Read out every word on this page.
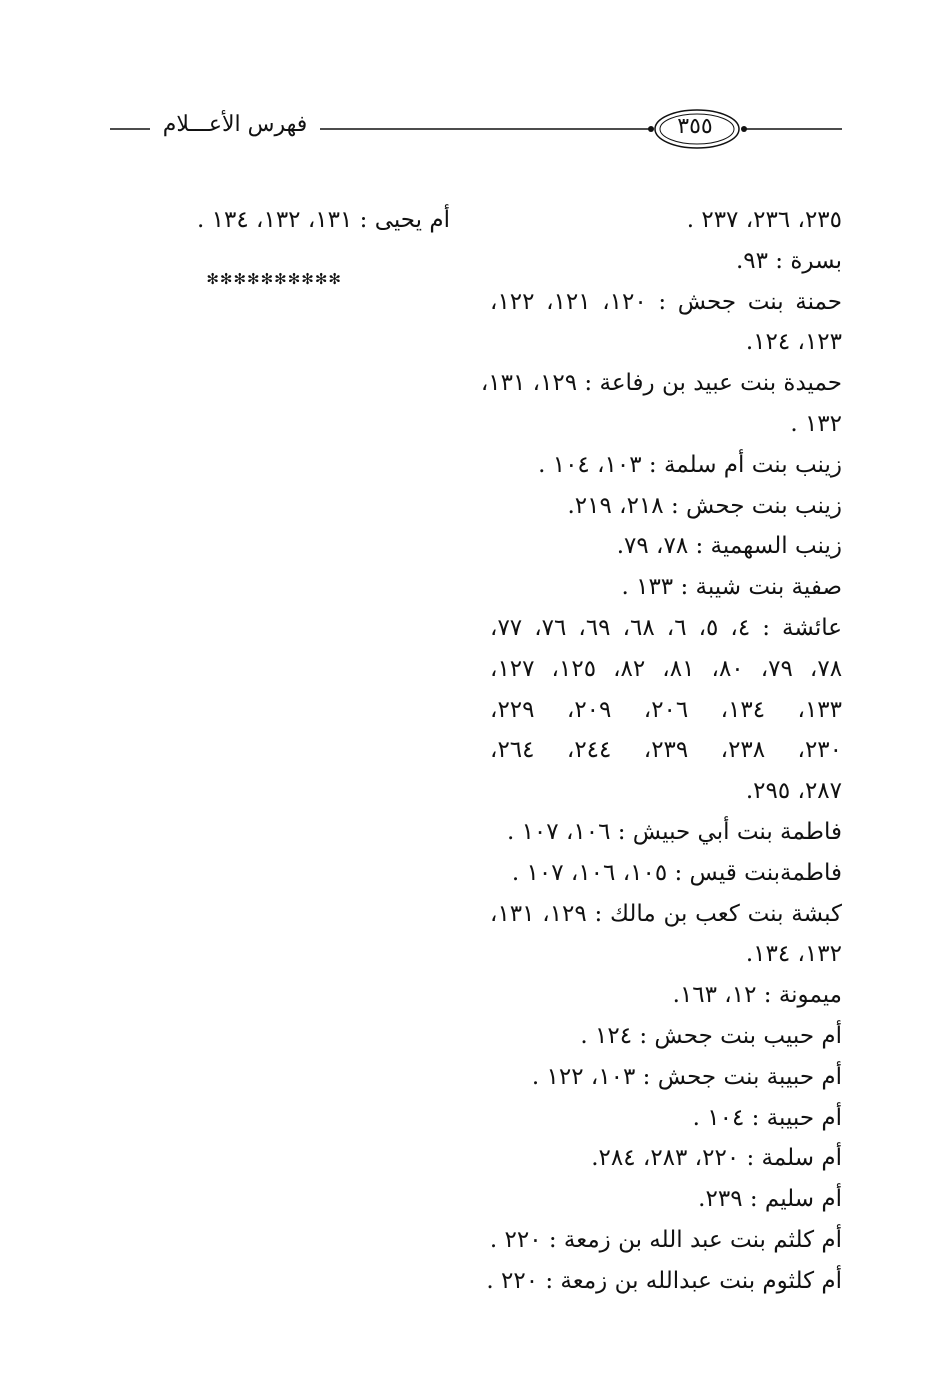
فهرس الأعـــلام	٣٥٥
٢٣٥، ٢٣٦، ٢٣٧ .
بسرة : ٩٣.
حمنة بنت جحش : ١٢٠، ١٢١، ١٢٢،
١٢٣، ١٢٤.
حميدة بنت عبيد بن رفاعة : ١٢٩، ١٣١،
١٣٢ .
زينب بنت أم سلمة : ١٠٣، ١٠٤ .
زينب بنت جحش : ٢١٨، ٢١٩.
زينب السهمية : ٧٨، ٧٩.
صفية بنت شيبة : ١٣٣ .
عائشة : ٤، ٥، ٦، ٦٨، ٦٩، ٧٦، ٧٧،
٧٨، ٧٩، ٨٠، ٨١، ٨٢، ١٢٥، ١٢٧،
١٣٣، ١٣٤، ٢٠٦، ٢٠٩، ٢٢٩،
٢٣٠، ٢٣٨، ٢٣٩، ٢٤٤، ٢٦٤،
٢٨٧، ٢٩٥.
فاطمة بنت أبي حبيش : ١٠٦، ١٠٧ .
فاطمةبنت قيس : ١٠٥، ١٠٦، ١٠٧ .
كبشة بنت كعب بن مالك : ١٢٩، ١٣١،
١٣٢، ١٣٤.
ميمونة : ١٢، ١٦٣.
أم حبيب بنت جحش : ١٢٤ .
أم حبيبة بنت جحش : ١٠٣، ١٢٢ .
أم حبيبة : ١٠٤ .
أم سلمة : ٢٢٠، ٢٨٣، ٢٨٤.
أم سليم : ٢٣٩.
أم كلثم بنت عبد الله بن زمعة : ٢٢٠ .
أم كلثوم بنت عبدالله بن زمعة : ٢٢٠ .
أم يحيى : ١٣١، ١٣٢، ١٣٤ .
✻✻✻✻✻✻✻✻✻✻
